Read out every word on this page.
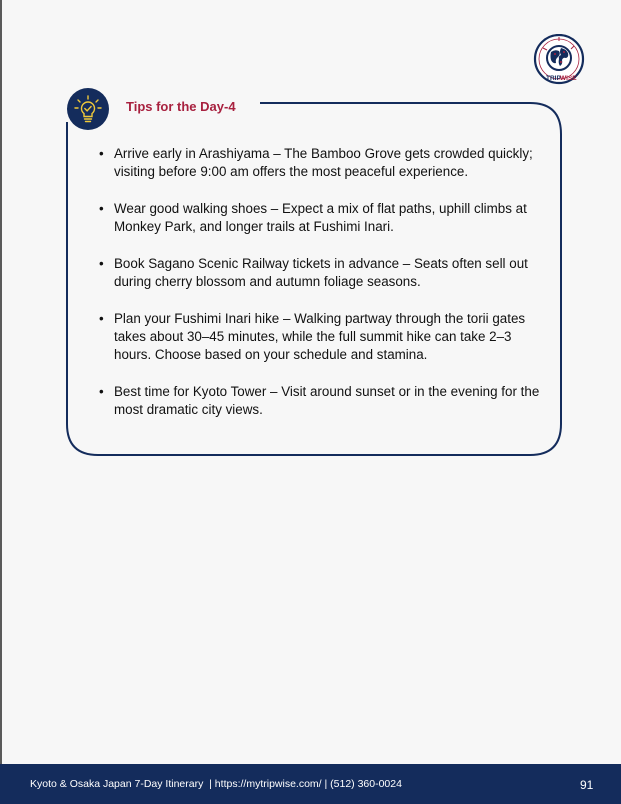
TRIP WISE
Tips for the Day-4
• Arrive early in Arashiyama – The Bamboo Grove gets crowded quickly; visiting before 9:00 am offers the most peaceful experience.
• Wear good walking shoes – Expect a mix of flat paths, uphill climbs at Monkey Park, and longer trails at Fushimi Inari.
• Book Sagano Scenic Railway tickets in advance – Seats often sell out during cherry blossom and autumn foliage seasons.
• Plan your Fushimi Inari hike – Walking partway through the torii gates takes about 30–45 minutes, while the full summit hike can take 2–3 hours. Choose based on your schedule and stamina.
• Best time for Kyoto Tower – Visit around sunset or in the evening for the most dramatic city views.
Kyoto & Osaka Japan 7-Day Itinerary  | https://mytripwise.com/ | (512) 360-0024	91
